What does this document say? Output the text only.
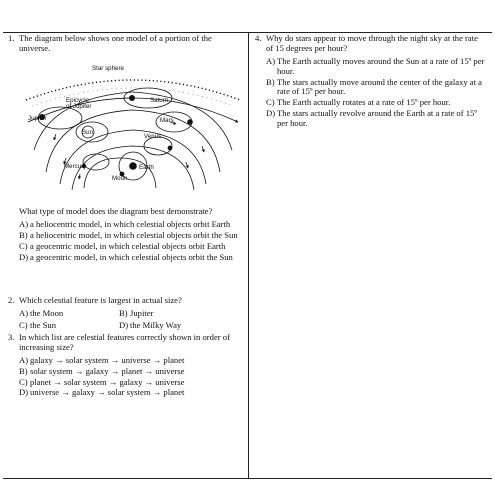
1. The diagram below shows one model of a portion of the universe.
Star sphere
Saturn
Epicycle
of Jupiter
Jupiter	Mars
Sun
Venus
Mercury
Moon
Earth
What type of model does the diagram best demonstrate?
A) a heliocentric model, in which celestial objects orbit Earth
B) a heliocentric model, in which celestial objects orbit the Sun
C) a geocentric model, in which celestial objects orbit Earth
D) a geocentric model, in which celestial objects orbit the Sun
2. Which celestial feature is largest in actual size?
A) the Moon	B) Jupiter
C) the Sun	D) the Milky Way
3. In which list are celestial features correctly shown in order of increasing size?
A) galaxy → solar system → universe → planet
B) solar system → galaxy → planet → universe
C) planet → solar system → galaxy → universe
D) universe → galaxy → solar system → planet
4. Why do stars appear to move through the night sky at the rate of 15 degrees per hour?
A) The Earth actually moves around the Sun at a rate of 15º per hour.
B) The stars actually move around the center of the galaxy at a rate of 15º per hour.
C) The Earth actually rotates at a rate of 15º per hour.
D) The stars actually revolve around the Earth at a rate of 15º per hour.
